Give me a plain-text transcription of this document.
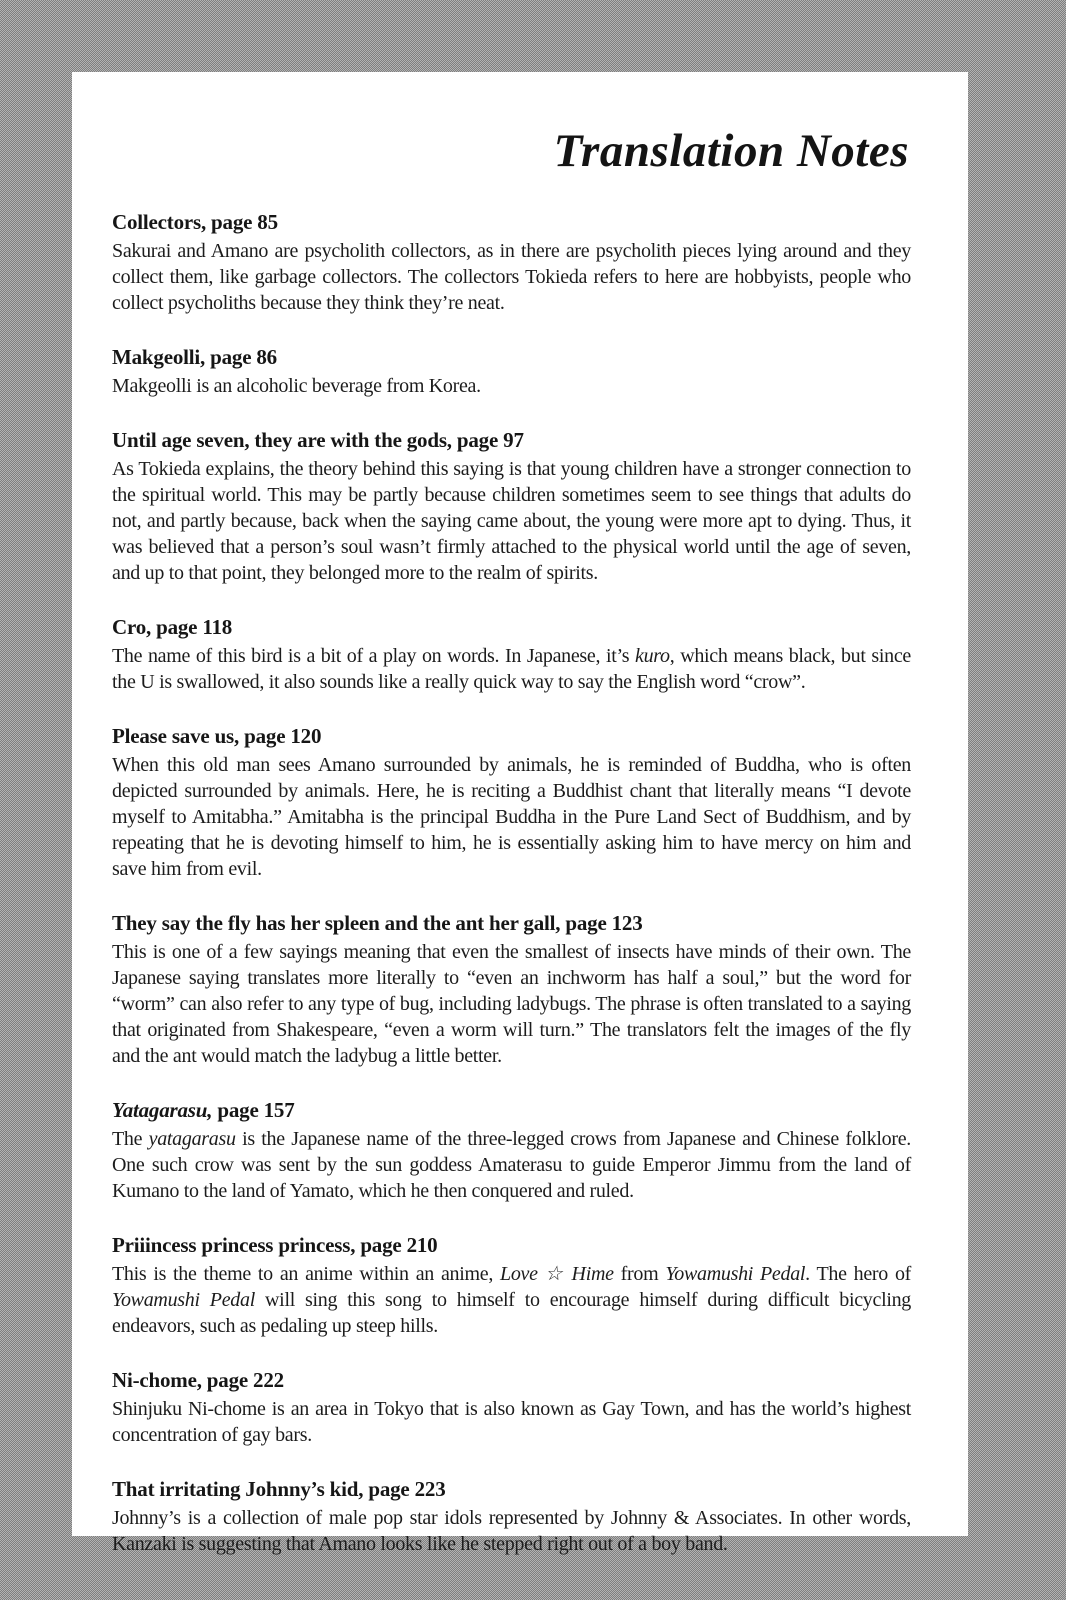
Translation Notes
Collectors, page 85

Sakurai and Amano are psycholith collectors, as in there are psycholith pieces lying around and they collect them, like garbage collectors. The collectors Tokieda refers to here are hobbyists, people who collect psycholiths because they think they’re neat.

Makgeolli, page 86

Makgeolli is an alcoholic beverage from Korea.

Until age seven, they are with the gods, page 97

As Tokieda explains, the theory behind this saying is that young children have a stronger connection to the spiritual world. This may be partly because children sometimes seem to see things that adults do not, and partly because, back when the saying came about, the young were more apt to dying. Thus, it was believed that a person’s soul wasn’t firmly attached to the physical world until the age of seven, and up to that point, they belonged more to the realm of spirits.

Cro, page 118

The name of this bird is a bit of a play on words. In Japanese, it’s kuro, which means black, but since the U is swallowed, it also sounds like a really quick way to say the English word “crow”.

Please save us, page 120

When this old man sees Amano surrounded by animals, he is reminded of Buddha, who is often depicted surrounded by animals. Here, he is reciting a Buddhist chant that literally means “I devote myself to Amitabha.” Amitabha is the principal Buddha in the Pure Land Sect of Buddhism, and by repeating that he is devoting himself to him, he is essentially asking him to have mercy on him and save him from evil.

They say the fly has her spleen and the ant her gall, page 123

This is one of a few sayings meaning that even the smallest of insects have minds of their own. The Japanese saying translates more literally to “even an inchworm has half a soul,” but the word for “worm” can also refer to any type of bug, including ladybugs. The phrase is often translated to a saying that originated from Shakespeare, “even a worm will turn.” The translators felt the images of the fly and the ant would match the ladybug a little better.

Yatagarasu, page 157

The yatagarasu is the Japanese name of the three-legged crows from Japanese and Chinese folklore. One such crow was sent by the sun goddess Amaterasu to guide Emperor Jimmu from the land of Kumano to the land of Yamato, which he then conquered and ruled.

Priiincess princess princess, page 210

This is the theme to an anime within an anime, Love ☆ Hime from Yowamushi Pedal. The hero of Yowamushi Pedal will sing this song to himself to encourage himself during difficult bicycling endeavors, such as pedaling up steep hills.

Ni-chome, page 222

Shinjuku Ni-chome is an area in Tokyo that is also known as Gay Town, and has the world’s highest concentration of gay bars.

That irritating Johnny’s kid, page 223

Johnny’s is a collection of male pop star idols represented by Johnny & Associates. In other words, Kanzaki is suggesting that Amano looks like he stepped right out of a boy band.
